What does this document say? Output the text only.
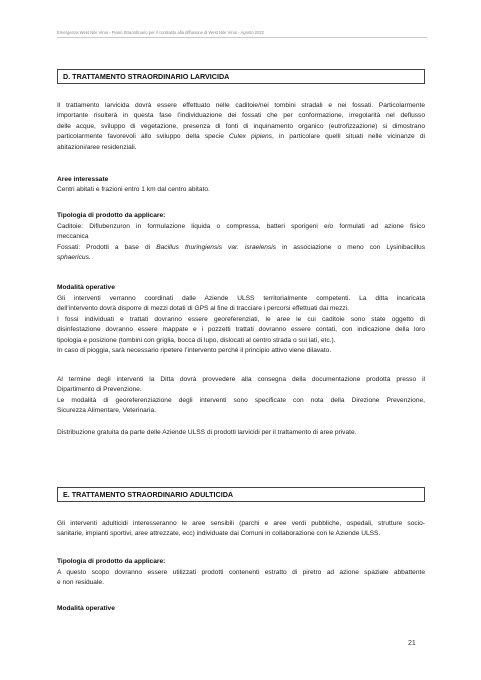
Emergenza West Nile Virus - Piano Straordinario per il contrasto alla diffusione di West Nile Virus - Agosto 2022
D. TRATTAMENTO STRAORDINARIO LARVICIDA
Il trattamento larvicida dovrà essere effettuato nelle caditoie/nei tombini stradali e nei fossati. Particolarmente
importante risulterà in questa fase l’individuazione dei fossati che per conformazione, irregolarità nel deflusso
delle acque, sviluppo di vegetazione, presenza di fonti di inquinamento organico (eutrofizzazione) si dimostrano
particolarmente favorevoli allo sviluppo della specie Culex pipiens, in particolare quelli situati nelle vicinanze di
abitazioni/aree residenziali.
Aree interessate
Centri abitati e frazioni entro 1 km dal centro abitato.
Tipologia di prodotto da applicare:
Caditoie: Diflubenzuron in formulazione liquida o compressa, batteri sporigeni e/o formulati ad azione fisico
meccanica
Fossati: Prodotti a base di Bacillus thuringiensis var. israelensis in associazione o meno con Lysinibacillus
sphaericus.
Modalità operative
Gli interventi verranno coordinati dalle Aziende ULSS territorialmente competenti. La ditta incaricata
dell’intervento dovrà disporre di mezzi dotati di GPS al fine di tracciare i percorsi effettuati dai mezzi.
I fossi individuati e trattati dovranno essere georeferenziati, le aree le cui caditoie sono state oggetto di
disinfestazione dovranno essere mappate e i pozzetti trattati dovranno essere contati, con indicazione della loro
tipologia e posizione (tombini con griglia, bocca di lupo, dislocati al centro strada o sui lati, etc.).
In caso di pioggia, sarà necessario ripetere l’intervento perché il principio attivo viene dilavato.
Al termine degli interventi la Ditta dovrà provvedere alla consegna della documentazione prodotta presso il
Dipartimento di Prevenzione.
Le modalità di georeferenziazione degli interventi sono specificate con nota della Direzione Prevenzione,
Sicurezza Alimentare, Veterinaria.
Distribuzione gratuita da parte delle Aziende ULSS di prodotti larvicidi per il trattamento di aree private.
E. TRATTAMENTO STRAORDINARIO ADULTICIDA
Gli interventi adulticidi interesseranno le aree sensibili (parchi e aree verdi pubbliche, ospedali, strutture socio-
sanitarie, impianti sportivi, aree attrezzate, ecc) individuate dai Comuni in collaborazione con le Aziende ULSS.
Tipologia di prodotto da applicare:
A questo scopo dovranno essere utilizzati prodotti contenenti estratto di piretro ad azione spaziale abbattente
e non residuale.
Modalità operative
21
